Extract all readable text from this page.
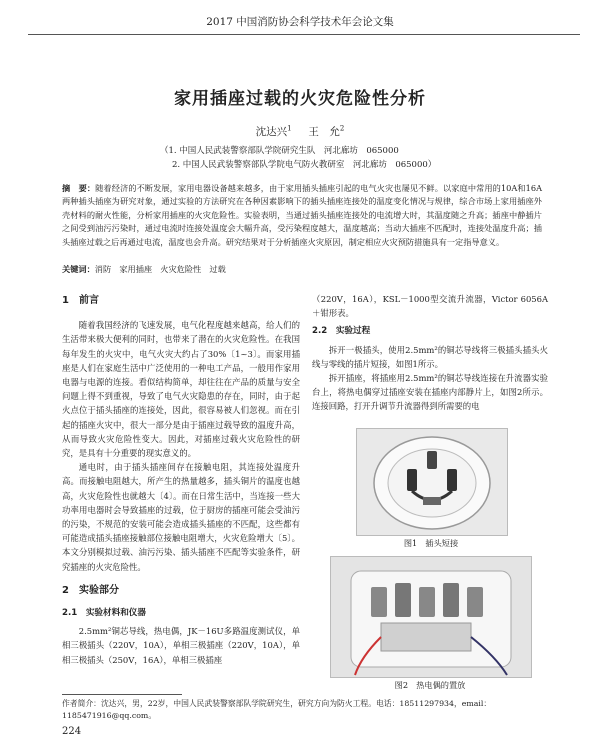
2017 中国消防协会科学技术年会论文集
家用插座过载的火灾危险性分析
沈达兴$^1$ 王　允$^2$
（1. 中国人民武装警察部队学院研究生队　河北廊坊　065000
2. 中国人民武装警察部队学院电气防火教研室　河北廊坊　065000）
摘　要：随着经济的不断发展，家用电器设备越来越多，由于家用插头插座引起的电气火灾也屡见不鲜。以家庭中常用的10A和16A两种插头插座为研究对象，通过实验的方法研究在各种因素影响下的插头插座连接处的温度变化情况与规律，综合市场上家用插座外壳材料的耐火性能，分析家用插座的火灾危险性。实验表明，当通过插头插座连接处的电流增大时，其温度随之升高；插座中静插片之间受到油污污染时，通过电流时连接处温度会大幅升高，受污染程度越大，温度越高；当动大插座不匹配时，连接处温度升高；插头插座过载之后再通过电流，温度也会升高。研究结果对于分析插座火灾原因，制定相应火灾预防措施具有一定指导意义。
关键词：消防　家用插座　火灾危险性　过载
1　前言

随着我国经济的飞速发展，电气化程度越来越高，给人们的生活带来极大便利的同时，也带来了潜在的火灾危险性。在我国每年发生的火灾中，电气火灾大约占了30%〔1~3〕。而家用插座是人们在家庭生活中广泛使用的一种电工产品，一般用作家用电器与电源的连接。看似结构简单，却往往在产品的质量与安全问题上得不到重视，导致了电气火灾隐患的存在，同时，由于起火点位于插头插座的连接处，因此，很容易被人们忽视。而在引起的插座火灾中，很大一部分是由于插座过载导致的温度升高，从而导致火灾危险性变大。因此，对插座过载火灾危险性的研究，是具有十分重要的现实意义的。

通电时，由于插头插座间存在接触电阻，其连接处温度升高。而接触电阻越大，所产生的热量越多，插头铜片的温度也越高，火灾危险性也就越大〔4〕。而在日常生活中，当连接一些大功率用电器时会导致插座的过载，位于厨房的插座可能会受油污的污染，不规范的安装可能会造成插头插座的不匹配，这些都有可能造成插头插座接触部位接触电阻增大，火灾危险增大〔5〕。本文分别模拟过载、油污污染、插头插座不匹配等实验条件，研究插座的火灾危险性。

2　实验部分
2.1　实验材料和仪器

2.5mm²铜芯导线，热电偶，JK－16U多路温度测试仪，单相三极插头（220V，10A），单相三极插座（220V，10A），单相三极插头（250V，16A），单相三极插座

（220V，16A），KSL－1000型交流升流器，Victor 6056A＋钳形表。

2.2　实验过程

拆开一极插头，使用2.5mm²的铜芯导线将三极插头插头火线与零线的插片短接，如图1所示。

拆开插座，将插座用2.5mm²的铜芯导线连接在升流器实验台上，将热电偶穿过插座安装在插座内部静片上，如图2所示。连接回路，打开升调节升流器得到所需要的电

图1　插头短接
图2　热电偶的置放
作者简介：沈达兴，男，22岁，中国人民武装警察部队学院研究生，研究方向为防火工程。电话：18511297934，email：1185471916@qq.com。
224
